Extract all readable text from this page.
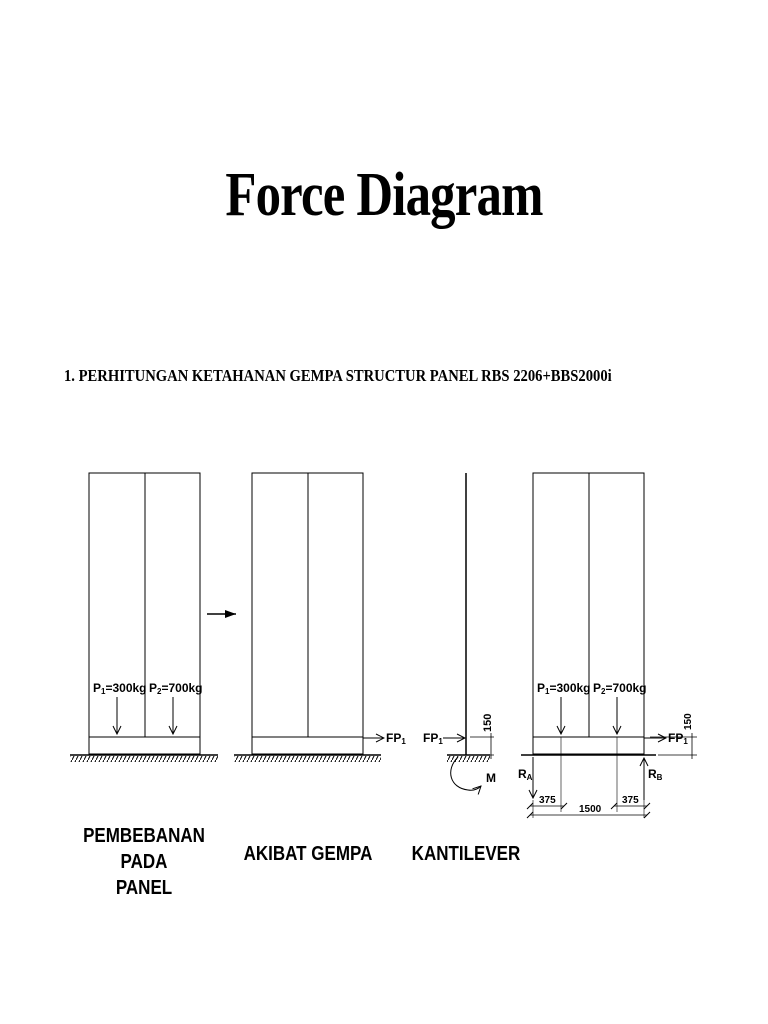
Force Diagram

1. PERHITUNGAN KETAHANAN GEMPA STRUCTUR PANEL RBS 2206+BBS2000i

P1=300kg P2=700kg
FP1 FP1
150
M
P1=300kg P2=700kg
FP1
150
RA	RB
375	375
1500
PEMBEBANAN PADA
PANEL
AKIBAT GEMPA KANTILEVER
